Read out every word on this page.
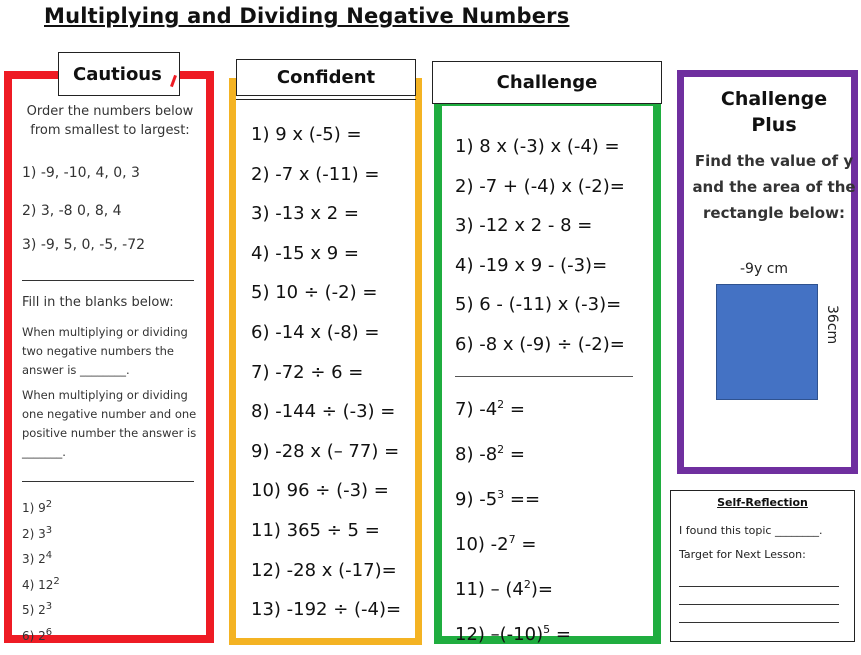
Multiplying and Dividing Negative Numbers
Cautious	Confident	Challenge
Order the numbers below
from smallest to largest:
1) -9, -10, 4, 0, 3
2) 3, -8 0, 8, 4
3) -9, 5, 0, -5, -72
Fill in the blanks below:
When multiplying or dividing
two negative numbers the
answer is ________.
When multiplying or dividing
one negative number and one
positive number the answer is
_______.
1) $9^2$
2) $3^3$
3) $2^4$
4) $12^2$
5) $2^3$
6) $2^6$
1) 9 x (-5) =
2) -7 x (-11) =
3) -13 x 2 =
4) -15 x 9 =
5) 10 ÷ (-2) =
6) -14 x (-8) =
7) -72 ÷ 6 =
8) -144 ÷ (-3) =
9) -28 x (– 77) =
10) 96 ÷ (-3) =
11) 365 ÷ 5 =
12) -28 x (-17)=
13) -192 ÷ (-4)=
1) 8 x (-3) x (-4) =
2) -7 + (-4) x (-2)=
3) -12 x 2 - 8 =
4) -19 x 9 - (-3)=
5) 6 - (-11) x (-3)=
6) -8 x (-9) ÷ (-2)=
7) $-4^2$ =
8) $-8^2$ =
9) $-5^3$ ==
10) $-2^7$ =
$11) - (4^2)=$
12) $-(-10)^5$ =
Challenge
Plus
Find the value of y
and the area of the
rectangle below:
-9y cm
36cm
Self-Reflection
I found this topic ________.
Target for Next Lesson:
